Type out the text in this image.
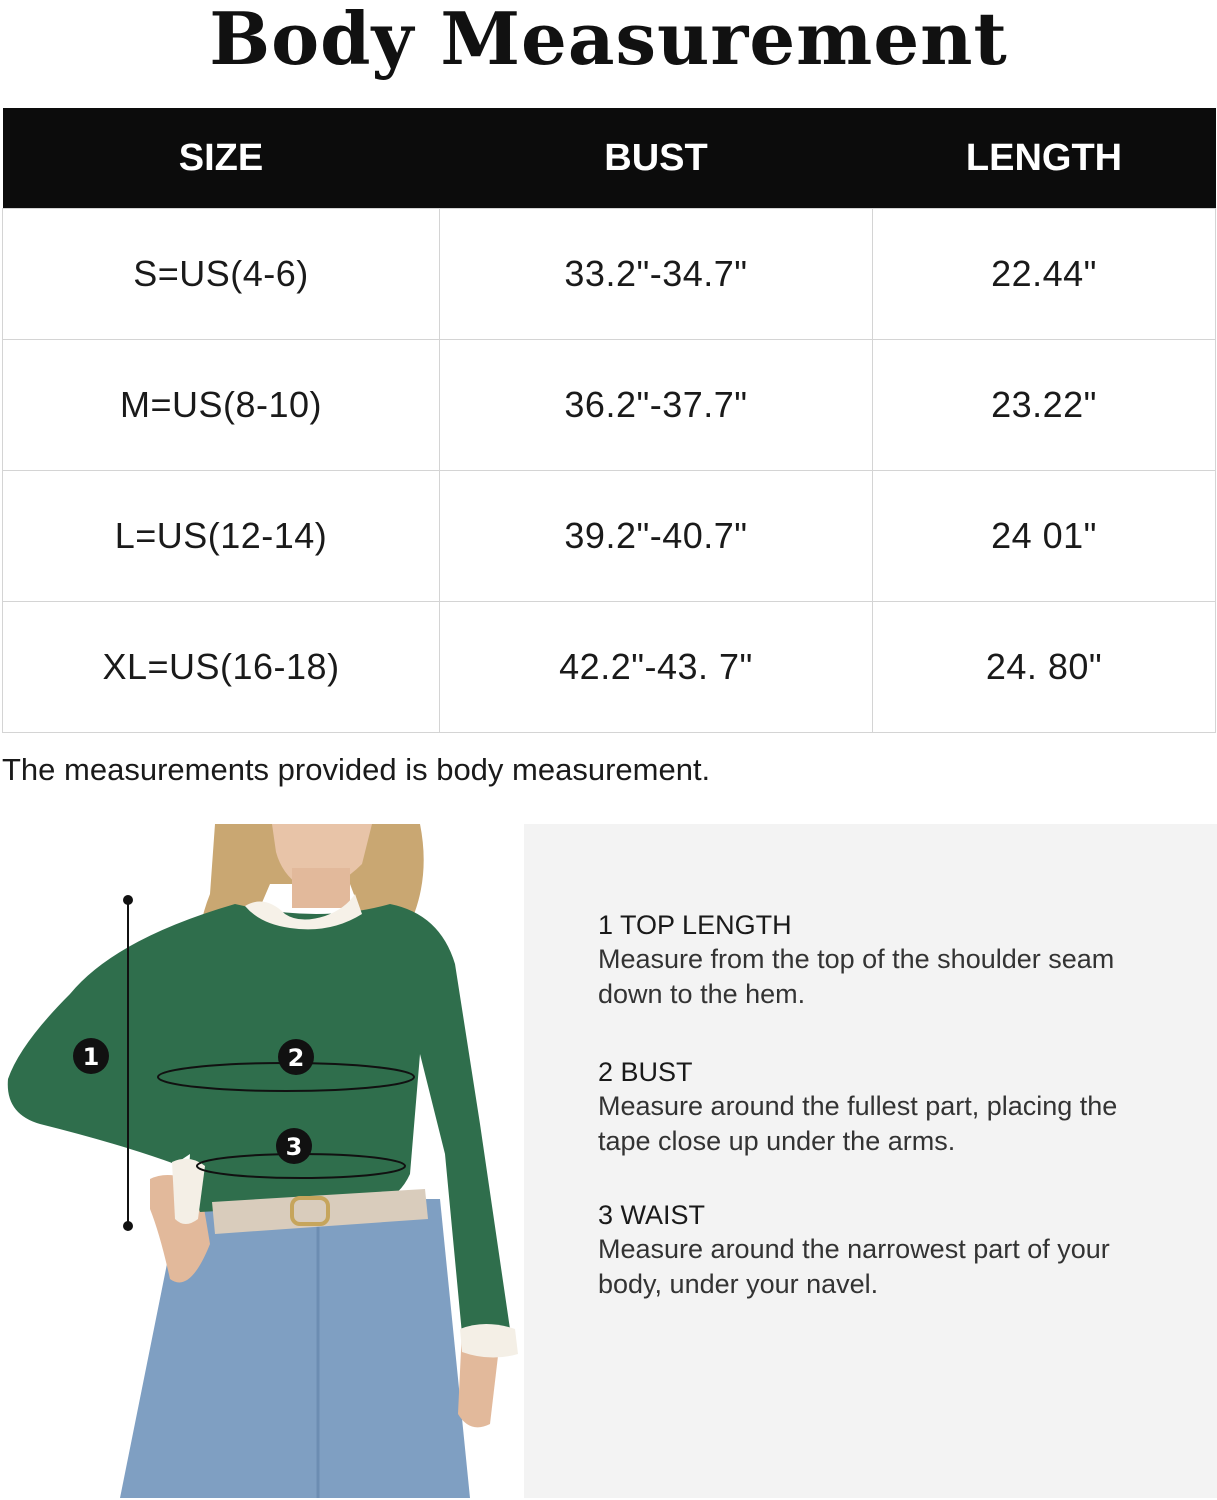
Body Measurement
SIZE	BUST	LENGTH
S=US(4-6)	33.2"-34.7"	22.44"
M=US(8-10)	36.2"-37.7"	23.22"
L=US(12-14)	39.2"-40.7"	24 01"
XL=US(16-18)	42.2"-43. 7"	24. 80"
The measurements provided is body measurement.
1	2
3
1 TOP LENGTH
Measure from the top of the shoulder seam down to the hem.
2 BUST
Measure around the fullest part, placing the tape close up under the arms.
3 WAIST
Measure around the narrowest part of your body, under your navel.
